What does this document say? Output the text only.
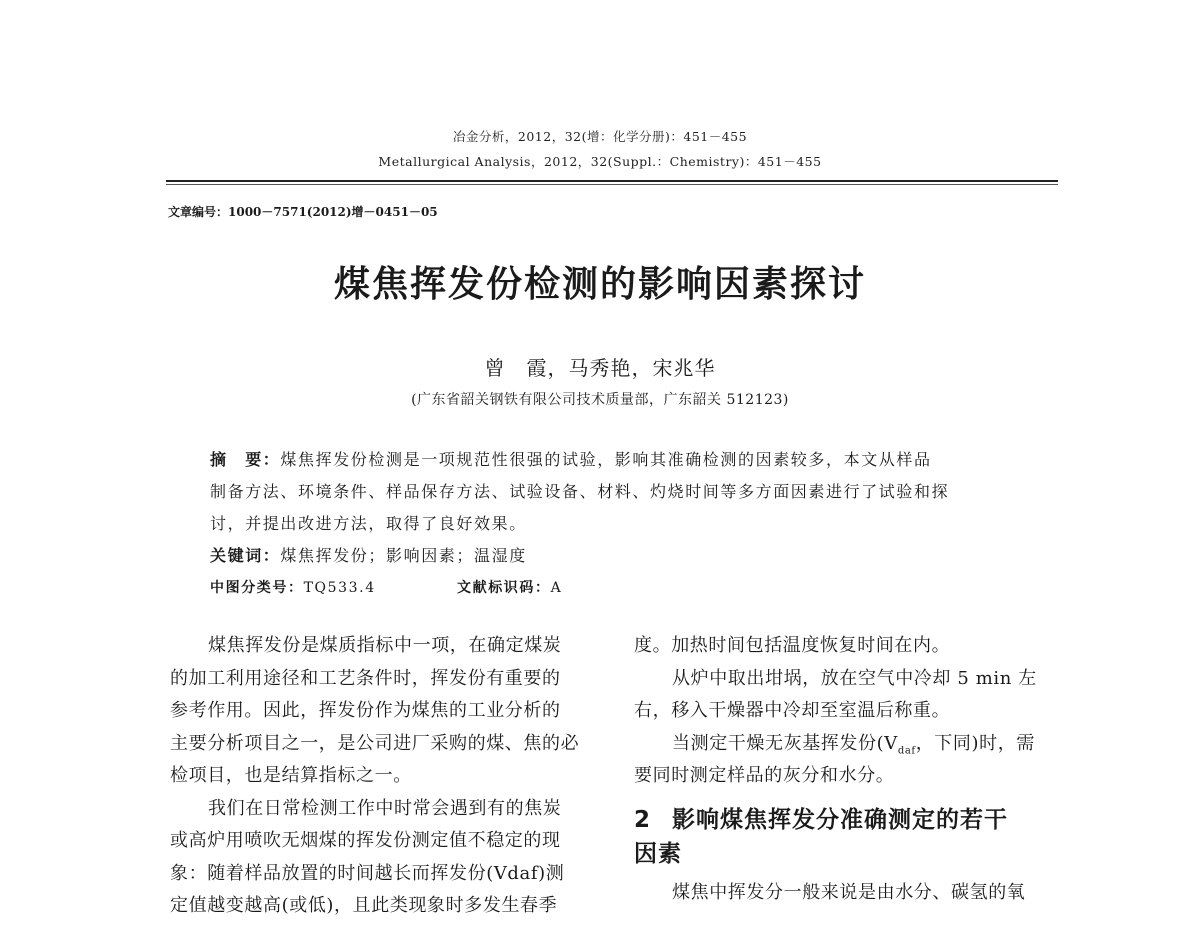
冶金分析，2012，32(增：化学分册)：451－455
Metallurgical Analysis，2012，32(Suppl.：Chemistry)：451－455
文章编号：1000－7571(2012)增－0451－05
煤焦挥发份检测的影响因素探讨
曾　霞，马秀艳，宋兆华
(广东省韶关钢铁有限公司技术质量部，广东韶关 512123)
摘　要：煤焦挥发份检测是一项规范性很强的试验，影响其准确检测的因素较多，本文从样品
制备方法、环境条件、样品保存方法、试验设备、材料、灼烧时间等多方面因素进行了试验和探
讨，并提出改进方法，取得了良好效果。
关键词：煤焦挥发份；影响因素；温湿度
中图分类号：TQ533.4	文献标识码：A
煤焦挥发份是煤质指标中一项，在确定煤炭
的加工利用途径和工艺条件时，挥发份有重要的
参考作用。因此，挥发份作为煤焦的工业分析的
主要分析项目之一，是公司进厂采购的煤、焦的必
检项目，也是结算指标之一。
我们在日常检测工作中时常会遇到有的焦炭
或高炉用喷吹无烟煤的挥发份测定值不稳定的现
象：随着样品放置的时间越长而挥发份(Vdaf)测
定值越变越高(或低)，且此类现象时多发生春季
度。加热时间包括温度恢复时间在内。
从炉中取出坩埚，放在空气中冷却 5 min 左
右，移入干燥器中冷却至室温后称重。
当测定干燥无灰基挥发份($V_{daf}$，下同)时，需
要同时测定样品的灰分和水分。
2 影响煤焦挥发分准确测定的若干
因素
煤焦中挥发分一般来说是由水分、碳氢的氧
